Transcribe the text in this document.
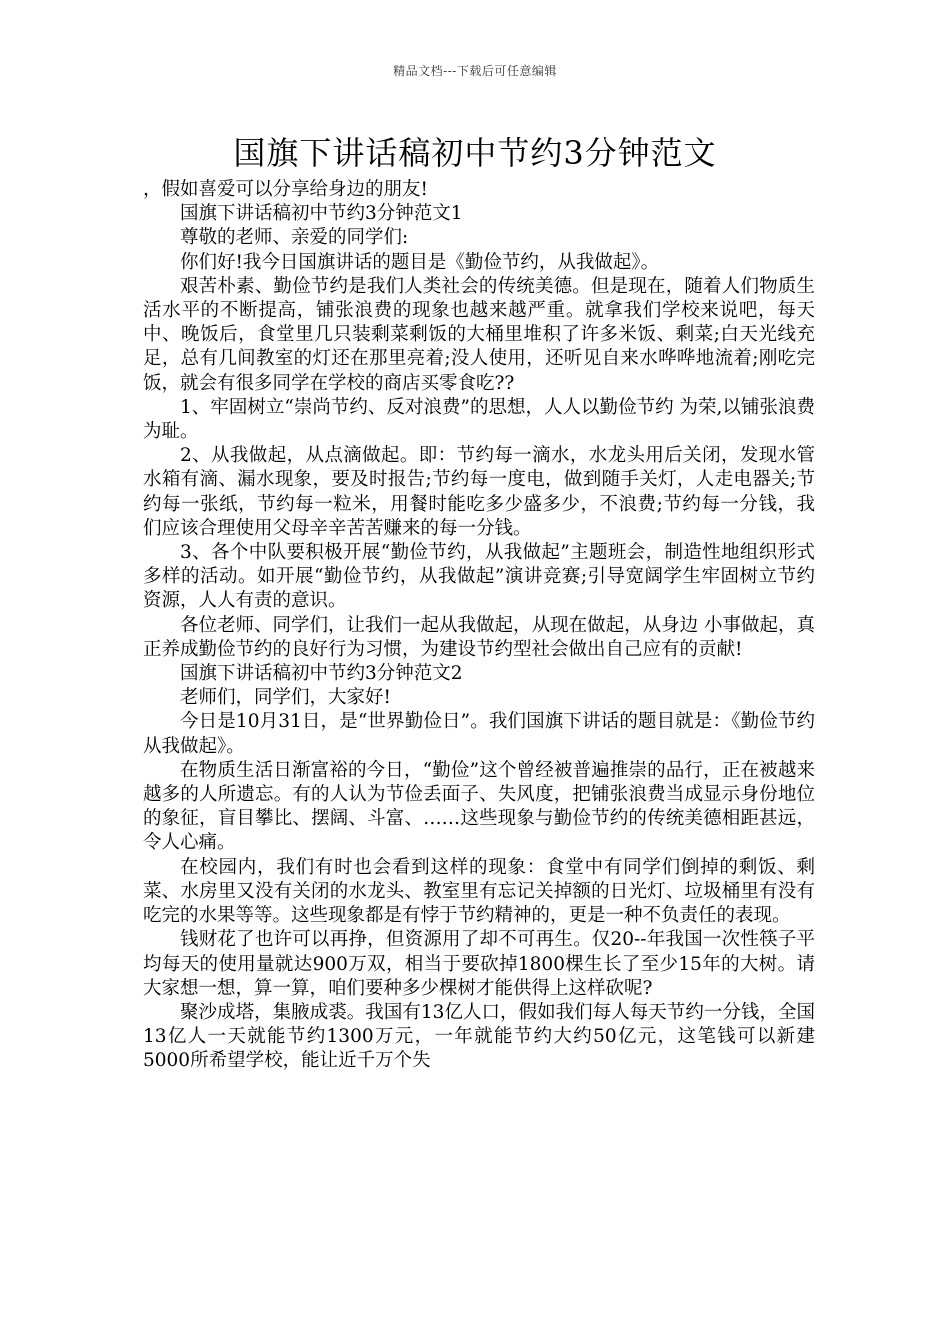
精品文档---下载后可任意编辑
国旗下讲话稿初中节约3分钟范文

，假如喜爱可以分享给身边的朋友!

国旗下讲话稿初中节约3分钟范文1

尊敬的老师、亲爱的同学们:

你们好!我今日国旗讲话的题目是《勤俭节约，从我做起》。

艰苦朴素、勤俭节约是我们人类社会的传统美德。但是现在，随着人们物质生活水平的不断提高，铺张浪费的现象也越来越严重。就拿我们学校来说吧，每天中、晚饭后，食堂里几只装剩菜剩饭的大桶里堆积了许多米饭、剩菜;白天光线充足，总有几间教室的灯还在那里亮着;没人使用，还听见自来水哗哗地流着;刚吃完饭，就会有很多同学在学校的商店买零食吃??

1、牢固树立“崇尚节约、反对浪费”的思想，人人以勤俭节约 为荣,以铺张浪费为耻。

2、从我做起，从点滴做起。即：节约每一滴水，水龙头用后关闭，发现水管水箱有滴、漏水现象，要及时报告;节约每一度电，做到随手关灯，人走电器关;节约每一张纸，节约每一粒米，用餐时能吃多少盛多少，不浪费;节约每一分钱，我们应该合理使用父母辛辛苦苦赚来的每一分钱。

3、各个中队要积极开展“勤俭节约，从我做起”主题班会，制造性地组织形式多样的活动。如开展“勤俭节约，从我做起”演讲竞赛;引导宽阔学生牢固树立节约资源，人人有责的意识。

各位老师、同学们，让我们一起从我做起，从现在做起，从身边 小事做起，真正养成勤俭节约的良好行为习惯，为建设节约型社会做出自己应有的贡献!

国旗下讲话稿初中节约3分钟范文2

老师们，同学们，大家好!

今日是10月31日，是“世界勤俭日”。我们国旗下讲话的题目就是：《勤俭节约 从我做起》。

在物质生活日渐富裕的今日，“勤俭”这个曾经被普遍推崇的品行，正在被越来越多的人所遗忘。有的人认为节俭丢面子、失风度，把铺张浪费当成显示身份地位的象征，盲目攀比、摆阔、斗富、……这些现象与勤俭节约的传统美德相距甚远，令人心痛。

在校园内，我们有时也会看到这样的现象：食堂中有同学们倒掉的剩饭、剩菜、水房里又没有关闭的水龙头、教室里有忘记关掉额的日光灯、垃圾桶里有没有吃完的水果等等。这些现象都是有悖于节约精神的，更是一种不负责任的表现。

钱财花了也许可以再挣，但资源用了却不可再生。仅20--年我国一次性筷子平均每天的使用量就达900万双，相当于要砍掉1800棵生长了至少15年的大树。请大家想一想，算一算，咱们要种多少棵树才能供得上这样砍呢?

聚沙成塔，集腋成裘。我国有13亿人口，假如我们每人每天节约一分钱，全国13亿人一天就能节约1300万元，一年就能节约大约50亿元，这笔钱可以新建5000所希望学校，能让近千万个失
